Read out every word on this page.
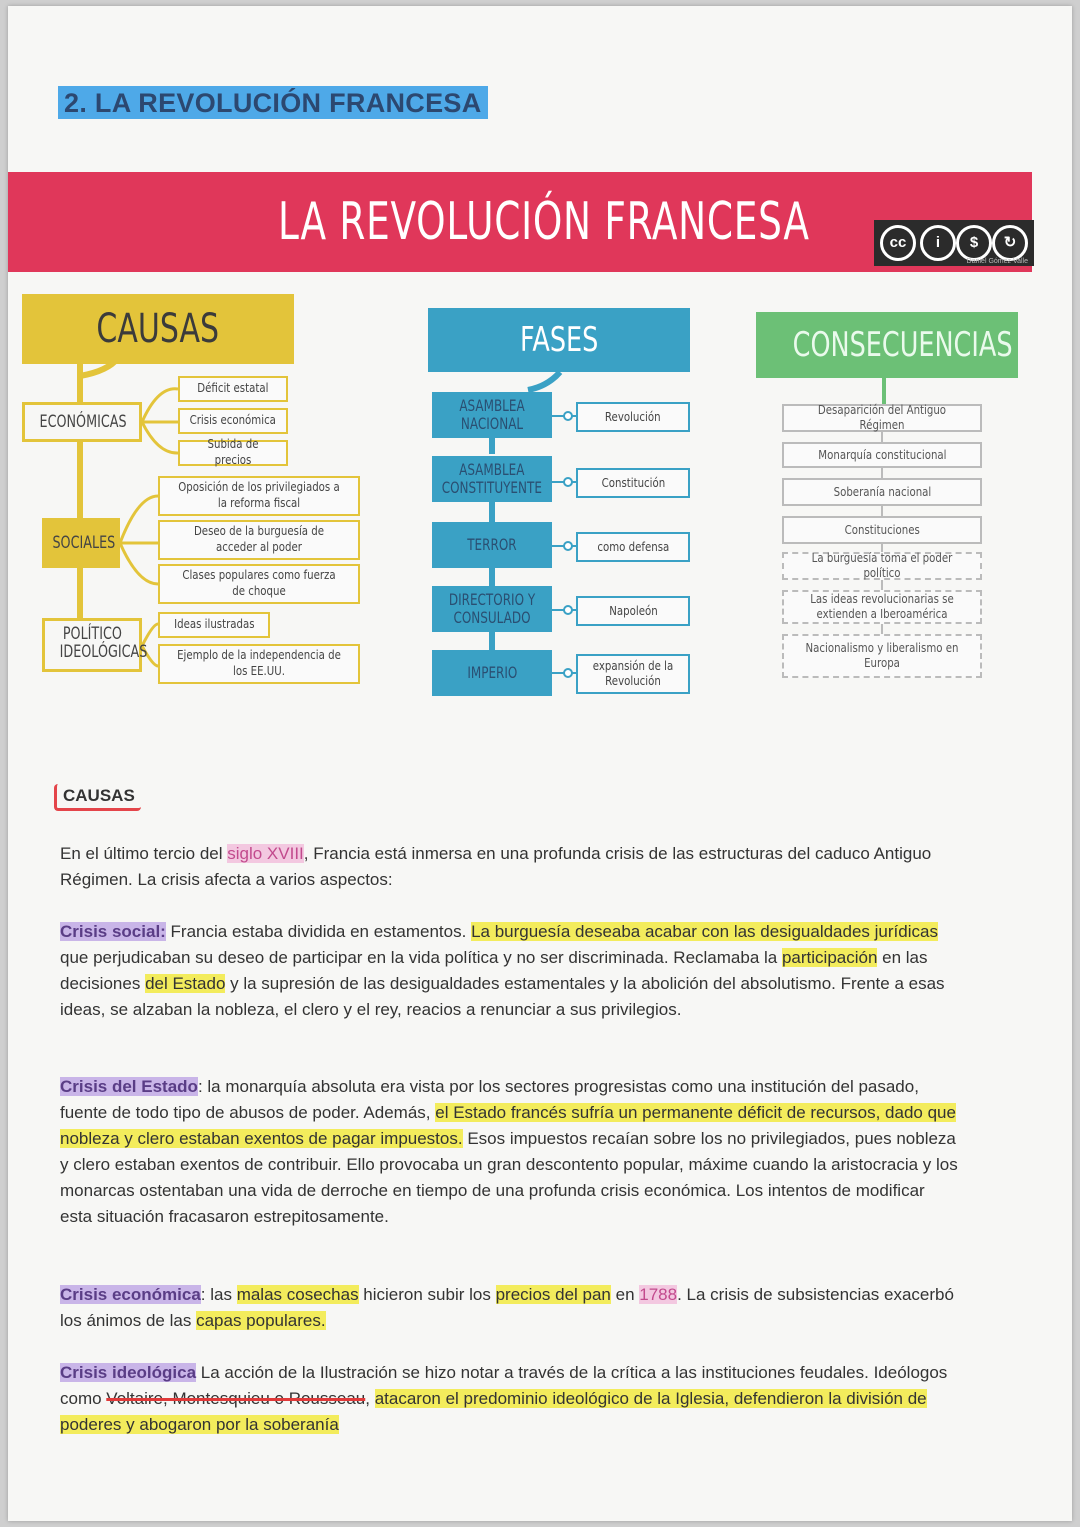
2. LA REVOLUCIÓN FRANCESA
LA REVOLUCIÓN FRANCESA	cc	i	$	↻
Daniel Gómez Valle
CAUSAS
ECONÓMICAS
Déficit estatal
Crisis económica
Subida de precios
SOCIALES
Oposición de los privilegiados a la reforma fiscal
Deseo de la burguesía de acceder al poder
Clases populares como fuerza de choque
POLÍTICO
IDEOLÓGICAS
Ideas ilustradas
Ejemplo de la independencia de los EE.UU.
FASES
ASAMBLEA NACIONAL	Revolución
ASAMBLEA CONSTITUYENTE	Constitución
TERROR	como defensa
DIRECTORIO Y CONSULADO	Napoleón
IMPERIO	expansión de la Revolución
CONSECUENCIAS
Desaparición del Antiguo Régimen
Monarquía constitucional
Soberanía nacional
Constituciones
La burguesía toma el poder político
Las ideas revolucionarias se extienden a Iberoamérica
Nacionalismo y liberalismo en Europa
CAUSAS

En el último tercio del siglo XVIII, Francia está inmersa en una profunda crisis de las estructuras del caduco Antiguo Régimen. La crisis afecta a varios aspectos:

Crisis social: Francia estaba dividida en estamentos. La burguesía deseaba acabar con las desigualdades jurídicas que perjudicaban su deseo de participar en la vida política y no ser discriminada. Reclamaba la participación en las decisiones del Estado y la supresión de las desigualdades estamentales y la abolición del absolutismo. Frente a esas ideas, se alzaban la nobleza, el clero y el rey, reacios a renunciar a sus privilegios.

Crisis del Estado: la monarquía absoluta era vista por los sectores progresistas como una institución del pasado, fuente de todo tipo de abusos de poder. Además, el Estado francés sufría un permanente déficit de recursos, dado que nobleza y clero estaban exentos de pagar impuestos. Esos impuestos recaían sobre los no privilegiados, pues nobleza y clero estaban exentos de contribuir. Ello provocaba un gran descontento popular, máxime cuando la aristocracia y los monarcas ostentaban una vida de derroche en tiempo de una profunda crisis económica. Los intentos de modificar esta situación fracasaron estrepitosamente.

Crisis económica: las malas cosechas hicieron subir los precios del pan en 1788. La crisis de subsistencias exacerbó los ánimos de las capas populares.

Crisis ideológica La acción de la Ilustración se hizo notar a través de la crítica a las instituciones feudales. Ideólogos como Voltaire, Montesquieu o Rousseau, atacaron el predominio ideológico de la Iglesia, defendieron la división de poderes y abogaron por la soberanía
